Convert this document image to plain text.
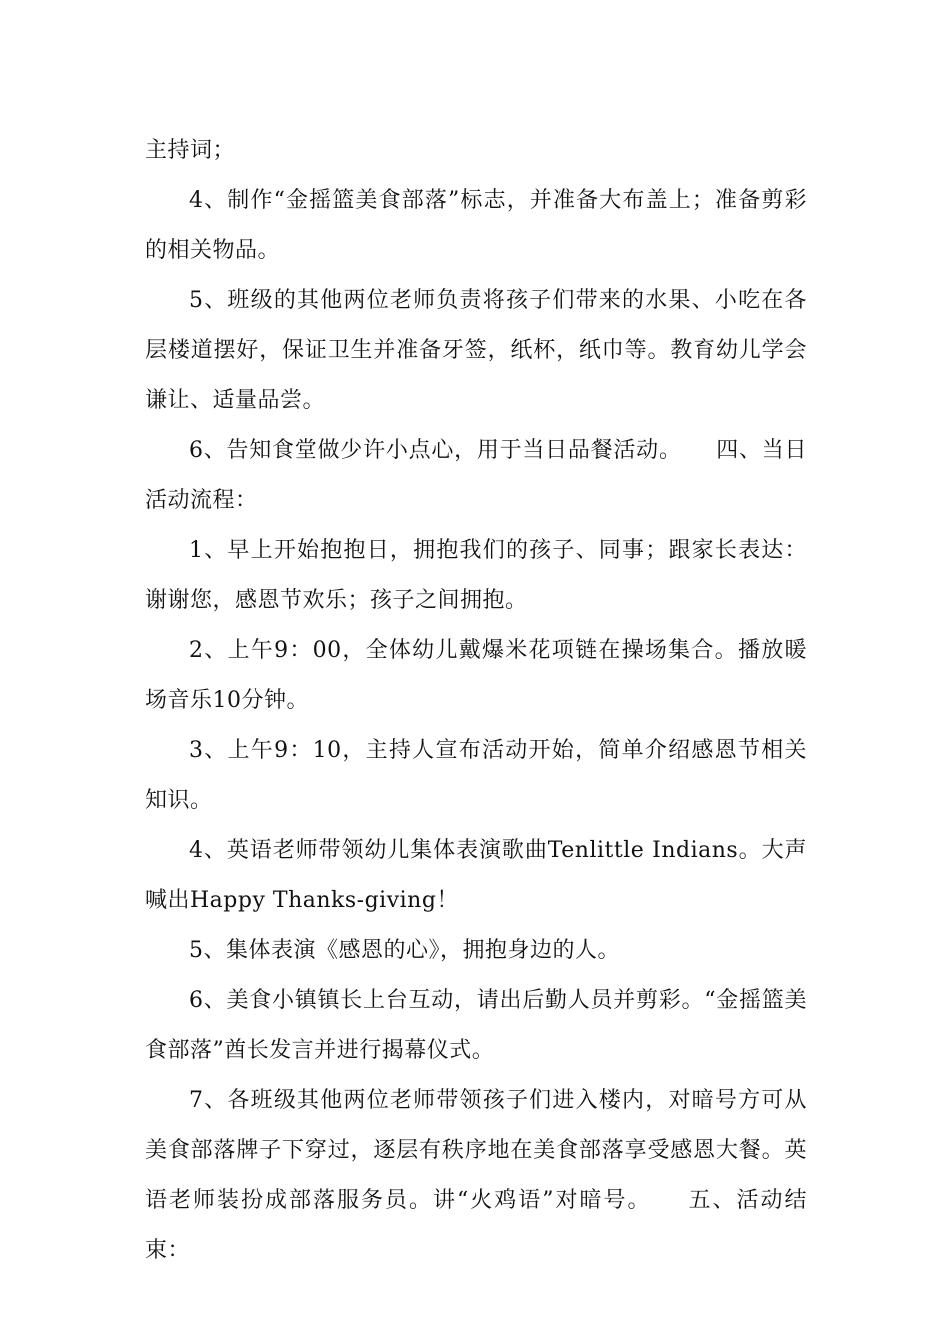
主持词；

4、制作“金摇篮美食部落”标志，并准备大布盖上；准备剪彩的相关物品。

5、班级的其他两位老师负责将孩子们带来的水果、小吃在各层楼道摆好，保证卫生并准备牙签，纸杯，纸巾等。教育幼儿学会谦让、适量品尝。

6、告知食堂做少许小点心，用于当日品餐活动。　　四、当日活动流程：

1、早上开始抱抱日，拥抱我们的孩子、同事；跟家长表达：谢谢您，感恩节欢乐；孩子之间拥抱。

2、上午9：00，全体幼儿戴爆米花项链在操场集合。播放暖场音乐10分钟。

3、上午9：10，主持人宣布活动开始，简单介绍感恩节相关知识。

4、英语老师带领幼儿集体表演歌曲Tenlittle Indians。大声喊出Happy Thanks-giving！

5、集体表演《感恩的心》，拥抱身边的人。

6、美食小镇镇长上台互动，请出后勤人员并剪彩。“金摇篮美食部落”酋长发言并进行揭幕仪式。

7、各班级其他两位老师带领孩子们进入楼内，对暗号方可从美食部落牌子下穿过，逐层有秩序地在美食部落享受感恩大餐。英语老师装扮成部落服务员。讲“火鸡语”对暗号。　　五、活动结束：
